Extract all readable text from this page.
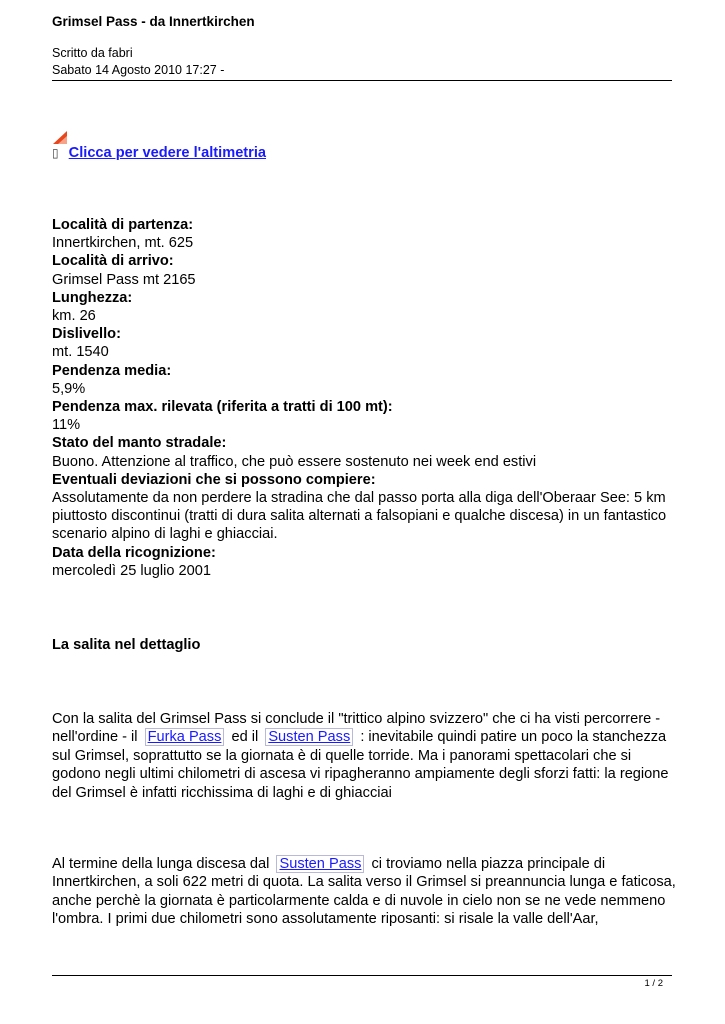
Grimsel Pass - da Innertkirchen
Scritto da fabri
Sabato 14 Agosto 2010 17:27 -
▯ Clicca per vedere l'altimetria
Località di partenza:
Innertkirchen, mt. 625
Località di arrivo:
Grimsel Pass mt 2165
Lunghezza:
km. 26
Dislivello:
mt. 1540
Pendenza media:
5,9%
Pendenza max. rilevata (riferita a tratti di 100 mt):
11%
Stato del manto stradale:
Buono. Attenzione al traffico, che può essere sostenuto nei week end estivi
Eventuali deviazioni che si possono compiere:
Assolutamente da non perdere la stradina che dal passo porta alla diga dell'Oberaar See: 5 km piuttosto discontinui (tratti di dura salita alternati a falsopiani e qualche discesa) in un fantastico scenario alpino di laghi e ghiacciai.
Data della ricognizione:
mercoledì 25 luglio 2001
La salita nel dettaglio
Con la salita del Grimsel Pass si conclude il "trittico alpino svizzero" che ci ha visti percorrere - nell'ordine - il Furka Pass ed il Susten Pass : inevitabile quindi patire un poco la stanchezza sul Grimsel, soprattutto se la giornata è di quelle torride. Ma i panorami spettacolari che si godono negli ultimi chilometri di ascesa vi ripagheranno ampiamente degli sforzi fatti: la regione del Grimsel è infatti ricchissima di laghi e di ghiacciai
Al termine della lunga discesa dal Susten Pass ci troviamo nella piazza principale di Innertkirchen, a soli 622 metri di quota. La salita verso il Grimsel si preannuncia lunga e faticosa, anche perchè la giornata è particolarmente calda e di nuvole in cielo non se ne vede nemmeno l'ombra. I primi due chilometri sono assolutamente riposanti: si risale la valle dell'Aar,
1 / 2
